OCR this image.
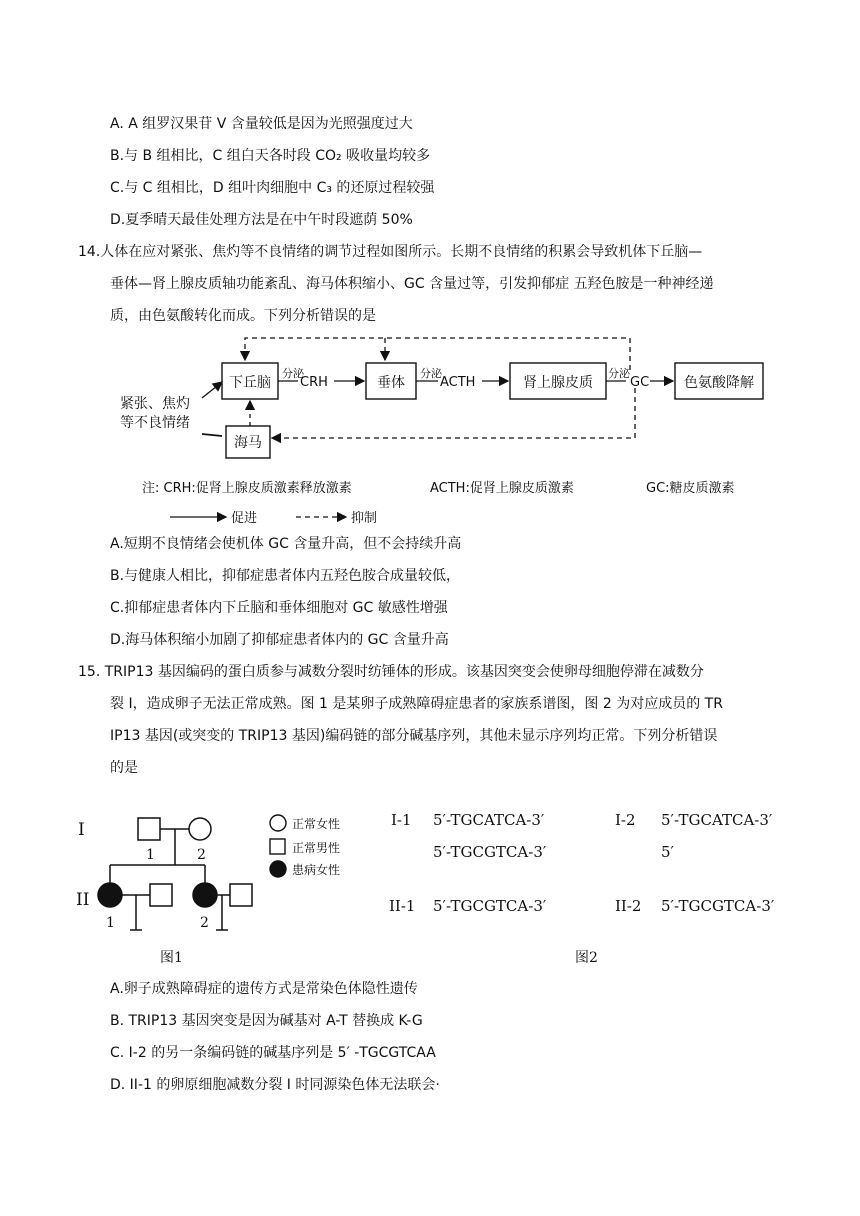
A. A 组罗汉果苷 V 含量较低是因为光照强度过大
B.与 B 组相比，C 组白天各时段 CO₂ 吸收量均较多
C.与 C 组相比，D 组叶肉细胞中 C₃ 的还原过程较强
D.夏季晴天最佳处理方法是在中午时段遮荫 50%
14.人体在应对紧张、焦灼等不良情绪的调节过程如图所示。长期不良情绪的积累会导致机体下丘脑—
垂体—肾上腺皮质轴功能紊乱、海马体积缩小、GC 含量过等，引发抑郁症 五羟色胺是一种神经递
质，由色氨酸转化而成。下列分析错误的是
下丘脑	垂体	肾上腺皮质	色氨酸降解
海马
分泌
CRH
分泌
ACTH
分泌
GC
紧张、焦灼
等不良情绪
注: CRH:促肾上腺皮质激素释放激素	ACTH:促肾上腺皮质激素	GC:糖皮质激素
促进	抑制
A.短期不良情绪会使机体 GC 含量升高，但不会持续升高
B.与健康人相比，抑郁症患者体内五羟色胺合成量较低，
C.抑郁症患者体内下丘脑和垂体细胞对 GC 敏感性增强
D.海马体积缩小加剧了抑郁症患者体内的 GC 含量升高
15. TRIP13 基因编码的蛋白质参与减数分裂时纺锤体的形成。该基因突变会使卵母细胞停滞在减数分
裂 I，造成卵子无法正常成熟。图 1 是某卵子成熟障碍症患者的家族系谱图，图 2 为对应成员的 TR
IP13 基因(或突变的 TRIP13 基因)编码链的部分碱基序列，其他未显示序列均正常。下列分析错误
的是
I
II
1	2
1	2
图1
正常女性
正常男性
患病女性
I-1 5′-TGCATCA-3′
5′-TGCGTCA-3′
I-2 5′-TGCATCA-3′
5′
II-1 5′-TGCGTCA-3′	II-2 5′-TGCGTCA-3′
图2
A.卵子成熟障碍症的遗传方式是常染色体隐性遗传
B. TRIP13 基因突变是因为碱基对 A-T 替换成 K-G
C. I-2 的另一条编码链的碱基序列是 5′ -TGCGTCAA
D. II-1 的卵原细胞减数分裂 I 时同源染色体无法联会·
